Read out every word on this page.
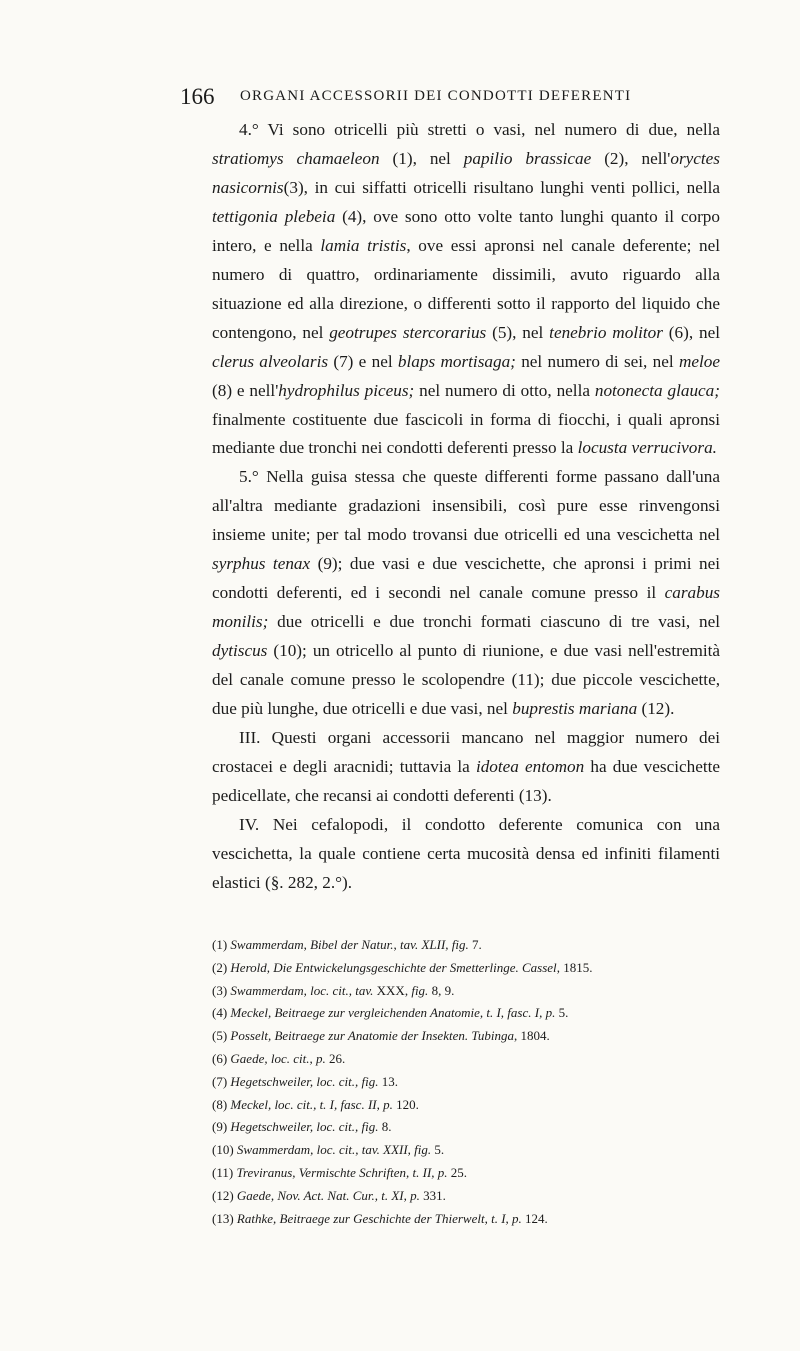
166 ORGANI ACCESSORII DEI CONDOTTI DEFERENTI

4.° Vi sono otricelli più stretti o vasi, nel numero di due, nella stratiomys chamaeleon (1), nel papilio brassicae (2), nell'oryctes nasicornis(3), in cui siffatti otricelli risultano lunghi venti pollici, nella tettigonia plebeia (4), ove sono otto volte tanto lunghi quanto il corpo intero, e nella lamia tristis, ove essi apronsi nel canale deferente; nel numero di quattro, ordinariamente dissimili, avuto riguardo alla situazione ed alla direzione, o differenti sotto il rapporto del liquido che contengono, nel geotrupes stercorarius (5), nel tenebrio molitor (6), nel clerus alveolaris (7) e nel blaps mortisaga; nel numero di sei, nel meloe (8) e nell'hydrophilus piceus; nel numero di otto, nella notonecta glauca; finalmente costituente due fascicoli in forma di fiocchi, i quali apronsi mediante due tronchi nei condotti deferenti presso la locusta verrucivora.

5.° Nella guisa stessa che queste differenti forme passano dall'una all'altra mediante gradazioni insensibili, così pure esse rinvengonsi insieme unite; per tal modo trovansi due otricelli ed una vescichetta nel syrphus tenax (9); due vasi e due vescichette, che apronsi i primi nei condotti deferenti, ed i secondi nel canale comune presso il carabus monilis; due otricelli e due tronchi formati ciascuno di tre vasi, nel dytiscus (10); un otricello al punto di riunione, e due vasi nell'estremità del canale comune presso le scolopendre (11); due piccole vescichette, due più lunghe, due otricelli e due vasi, nel buprestis mariana (12).

III. Questi organi accessorii mancano nel maggior numero dei crostacei e degli aracnidi; tuttavia la idotea entomon ha due vescichette pedicellate, che recansi ai condotti deferenti (13).

IV. Nei cefalopodi, il condotto deferente comunica con una vescichetta, la quale contiene certa mucosità densa ed infiniti filamenti elastici (§. 282, 2.°).

(1) Swammerdam, Bibel der Natur., tav. XLII, fig. 7.

(2) Herold, Die Entwickelungsgeschichte der Smetterlinge. Cassel, 1815.

(3) Swammerdam, loc. cit., tav. XXX, fig. 8, 9.

(4) Meckel, Beitraege zur vergleichenden Anatomie, t. I, fasc. I, p. 5.

(5) Posselt, Beitraege zur Anatomie der Insekten. Tubinga, 1804.

(6) Gaede, loc. cit., p. 26.

(7) Hegetschweiler, loc. cit., fig. 13.

(8) Meckel, loc. cit., t. I, fasc. II, p. 120.

(9) Hegetschweiler, loc. cit., fig. 8.

(10) Swammerdam, loc. cit., tav. XXII, fig. 5.

(11) Treviranus, Vermischte Schriften, t. II, p. 25.

(12) Gaede, Nov. Act. Nat. Cur., t. XI, p. 331.

(13) Rathke, Beitraege zur Geschichte der Thierwelt, t. I, p. 124.
